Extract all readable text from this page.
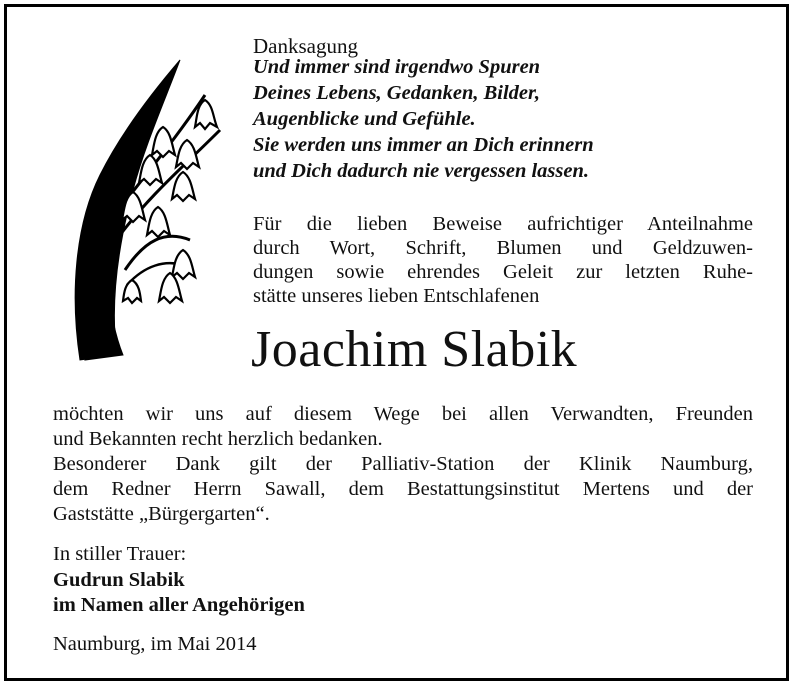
Danksagung
Und immer sind irgendwo Spuren
Deines Lebens, Gedanken, Bilder,
Augenblicke und Gefühle.
Sie werden uns immer an Dich erinnern
und Dich dadurch nie vergessen lassen.
Für die lieben Beweise aufrichtiger Anteilnahme
durch Wort, Schrift, Blumen und Geldzuwen-
dungen sowie ehrendes Geleit zur letzten Ruhe-
stätte unseres lieben Entschlafenen
Joachim Slabik
möchten wir uns auf diesem Wege bei allen Verwandten, Freunden
und Bekannten recht herzlich bedanken.
Besonderer Dank gilt der Palliativ-Station der Klinik Naumburg,
dem Redner Herrn Sawall, dem Bestattungsinstitut Mertens und der
Gaststätte „Bürgergarten“.
In stiller Trauer:
Gudrun Slabik
im Namen aller Angehörigen
Naumburg, im Mai 2014
